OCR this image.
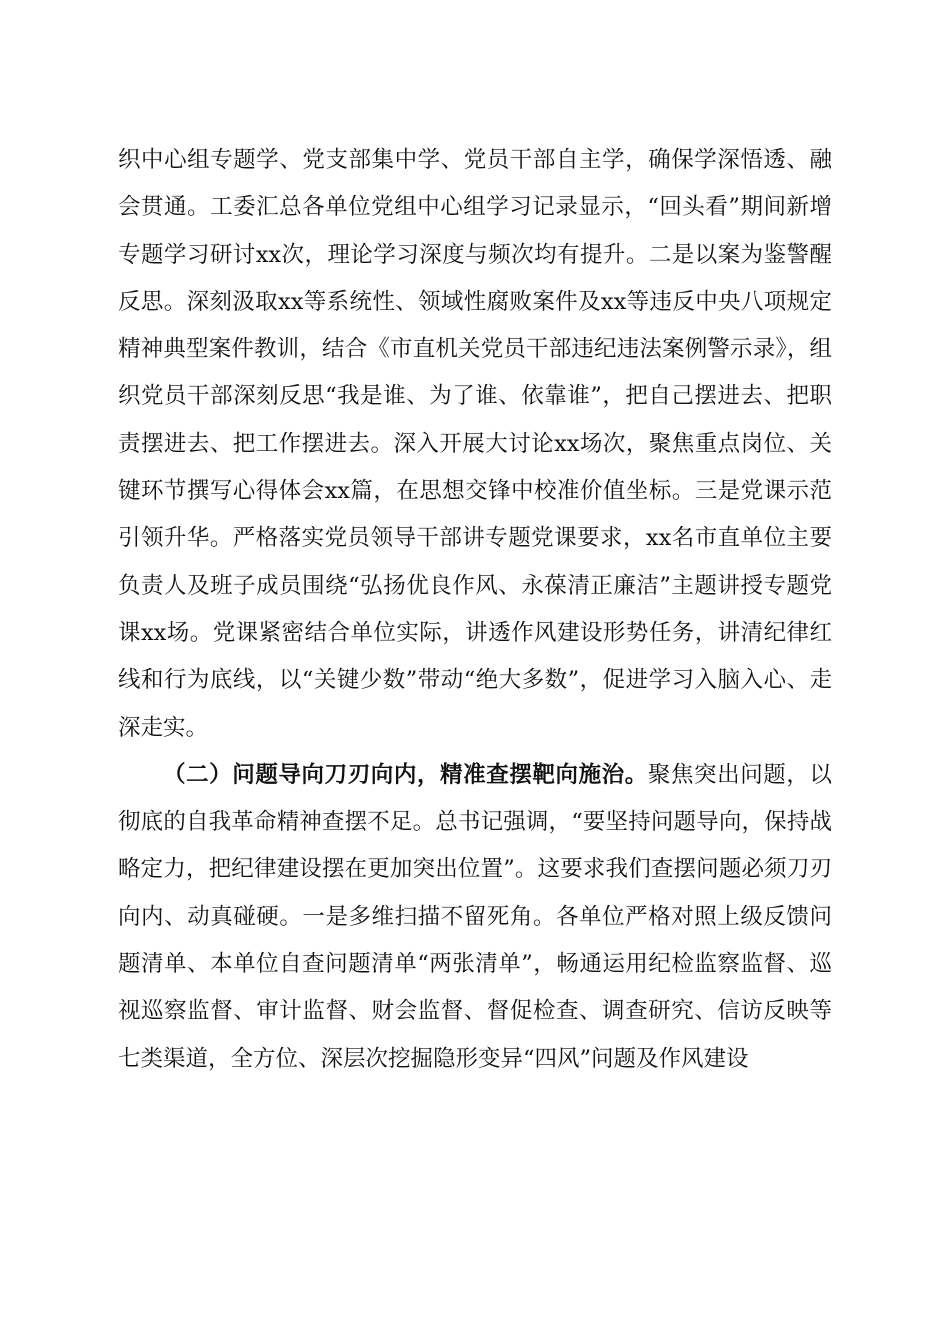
织中心组专题学、党支部集中学、党员干部自主学，确保学深悟透、融会贯通。工委汇总各单位党组中心组学习记录显示，“回头看”期间新增专题学习研讨xx次，理论学习深度与频次均有提升。二是以案为鉴警醒反思。深刻汲取xx等系统性、领域性腐败案件及xx等违反中央八项规定精神典型案件教训，结合《市直机关党员干部违纪违法案例警示录》，组织党员干部深刻反思“我是谁、为了谁、依靠谁”，把自己摆进去、把职责摆进去、把工作摆进去。深入开展大讨论xx场次，聚焦重点岗位、关键环节撰写心得体会xx篇，在思想交锋中校准价值坐标。三是党课示范引领升华。严格落实党员领导干部讲专题党课要求，xx名市直单位主要负责人及班子成员围绕“弘扬优良作风、永葆清正廉洁”主题讲授专题党课xx场。党课紧密结合单位实际，讲透作风建设形势任务，讲清纪律红线和行为底线，以“关键少数”带动“绝大多数”，促进学习入脑入心、走深走实。

（二）问题导向刀刃向内，精准查摆靶向施治。聚焦突出问题，以彻底的自我革命精神查摆不足。总书记强调，“要坚持问题导向，保持战略定力，把纪律建设摆在更加突出位置”。这要求我们查摆问题必须刀刃向内、动真碰硬。一是多维扫描不留死角。各单位严格对照上级反馈问题清单、本单位自查问题清单“两张清单”，畅通运用纪检监察监督、巡视巡察监督、审计监督、财会监督、督促检查、调查研究、信访反映等七类渠道，全方位、深层次挖掘隐形变异“四风”问题及作风建设
